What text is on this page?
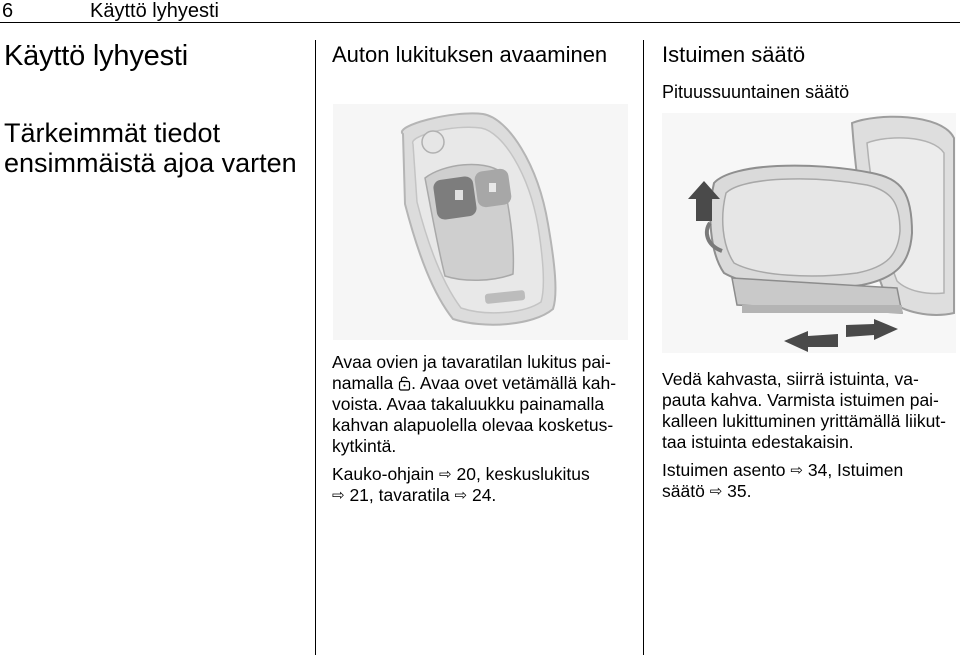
6	Käyttö lyhyesti
Käyttö lyhyesti
Tärkeimmät tiedot ensimmäistä ajoa varten
Auton lukituksen avaaminen

Avaa ovien ja tavaratilan lukitus pai- namalla . Avaa ovet vetämällä kah- voista. Avaa takaluukku painamalla kahvan alapuolella olevaa kosketus- kytkintä.

Kauko-ohjain ⇨ 20, keskuslukitus
⇨ 21, tavaratila ⇨ 24.

Istuimen säätö
Pituussuuntainen säätö

Vedä kahvasta, siirrä istuinta, va- pauta kahva. Varmista istuimen pai- kalleen lukittuminen yrittämällä liikut- taa istuinta edestakaisin.

Istuimen asento ⇨ 34, Istuimen
säätö ⇨ 35.
